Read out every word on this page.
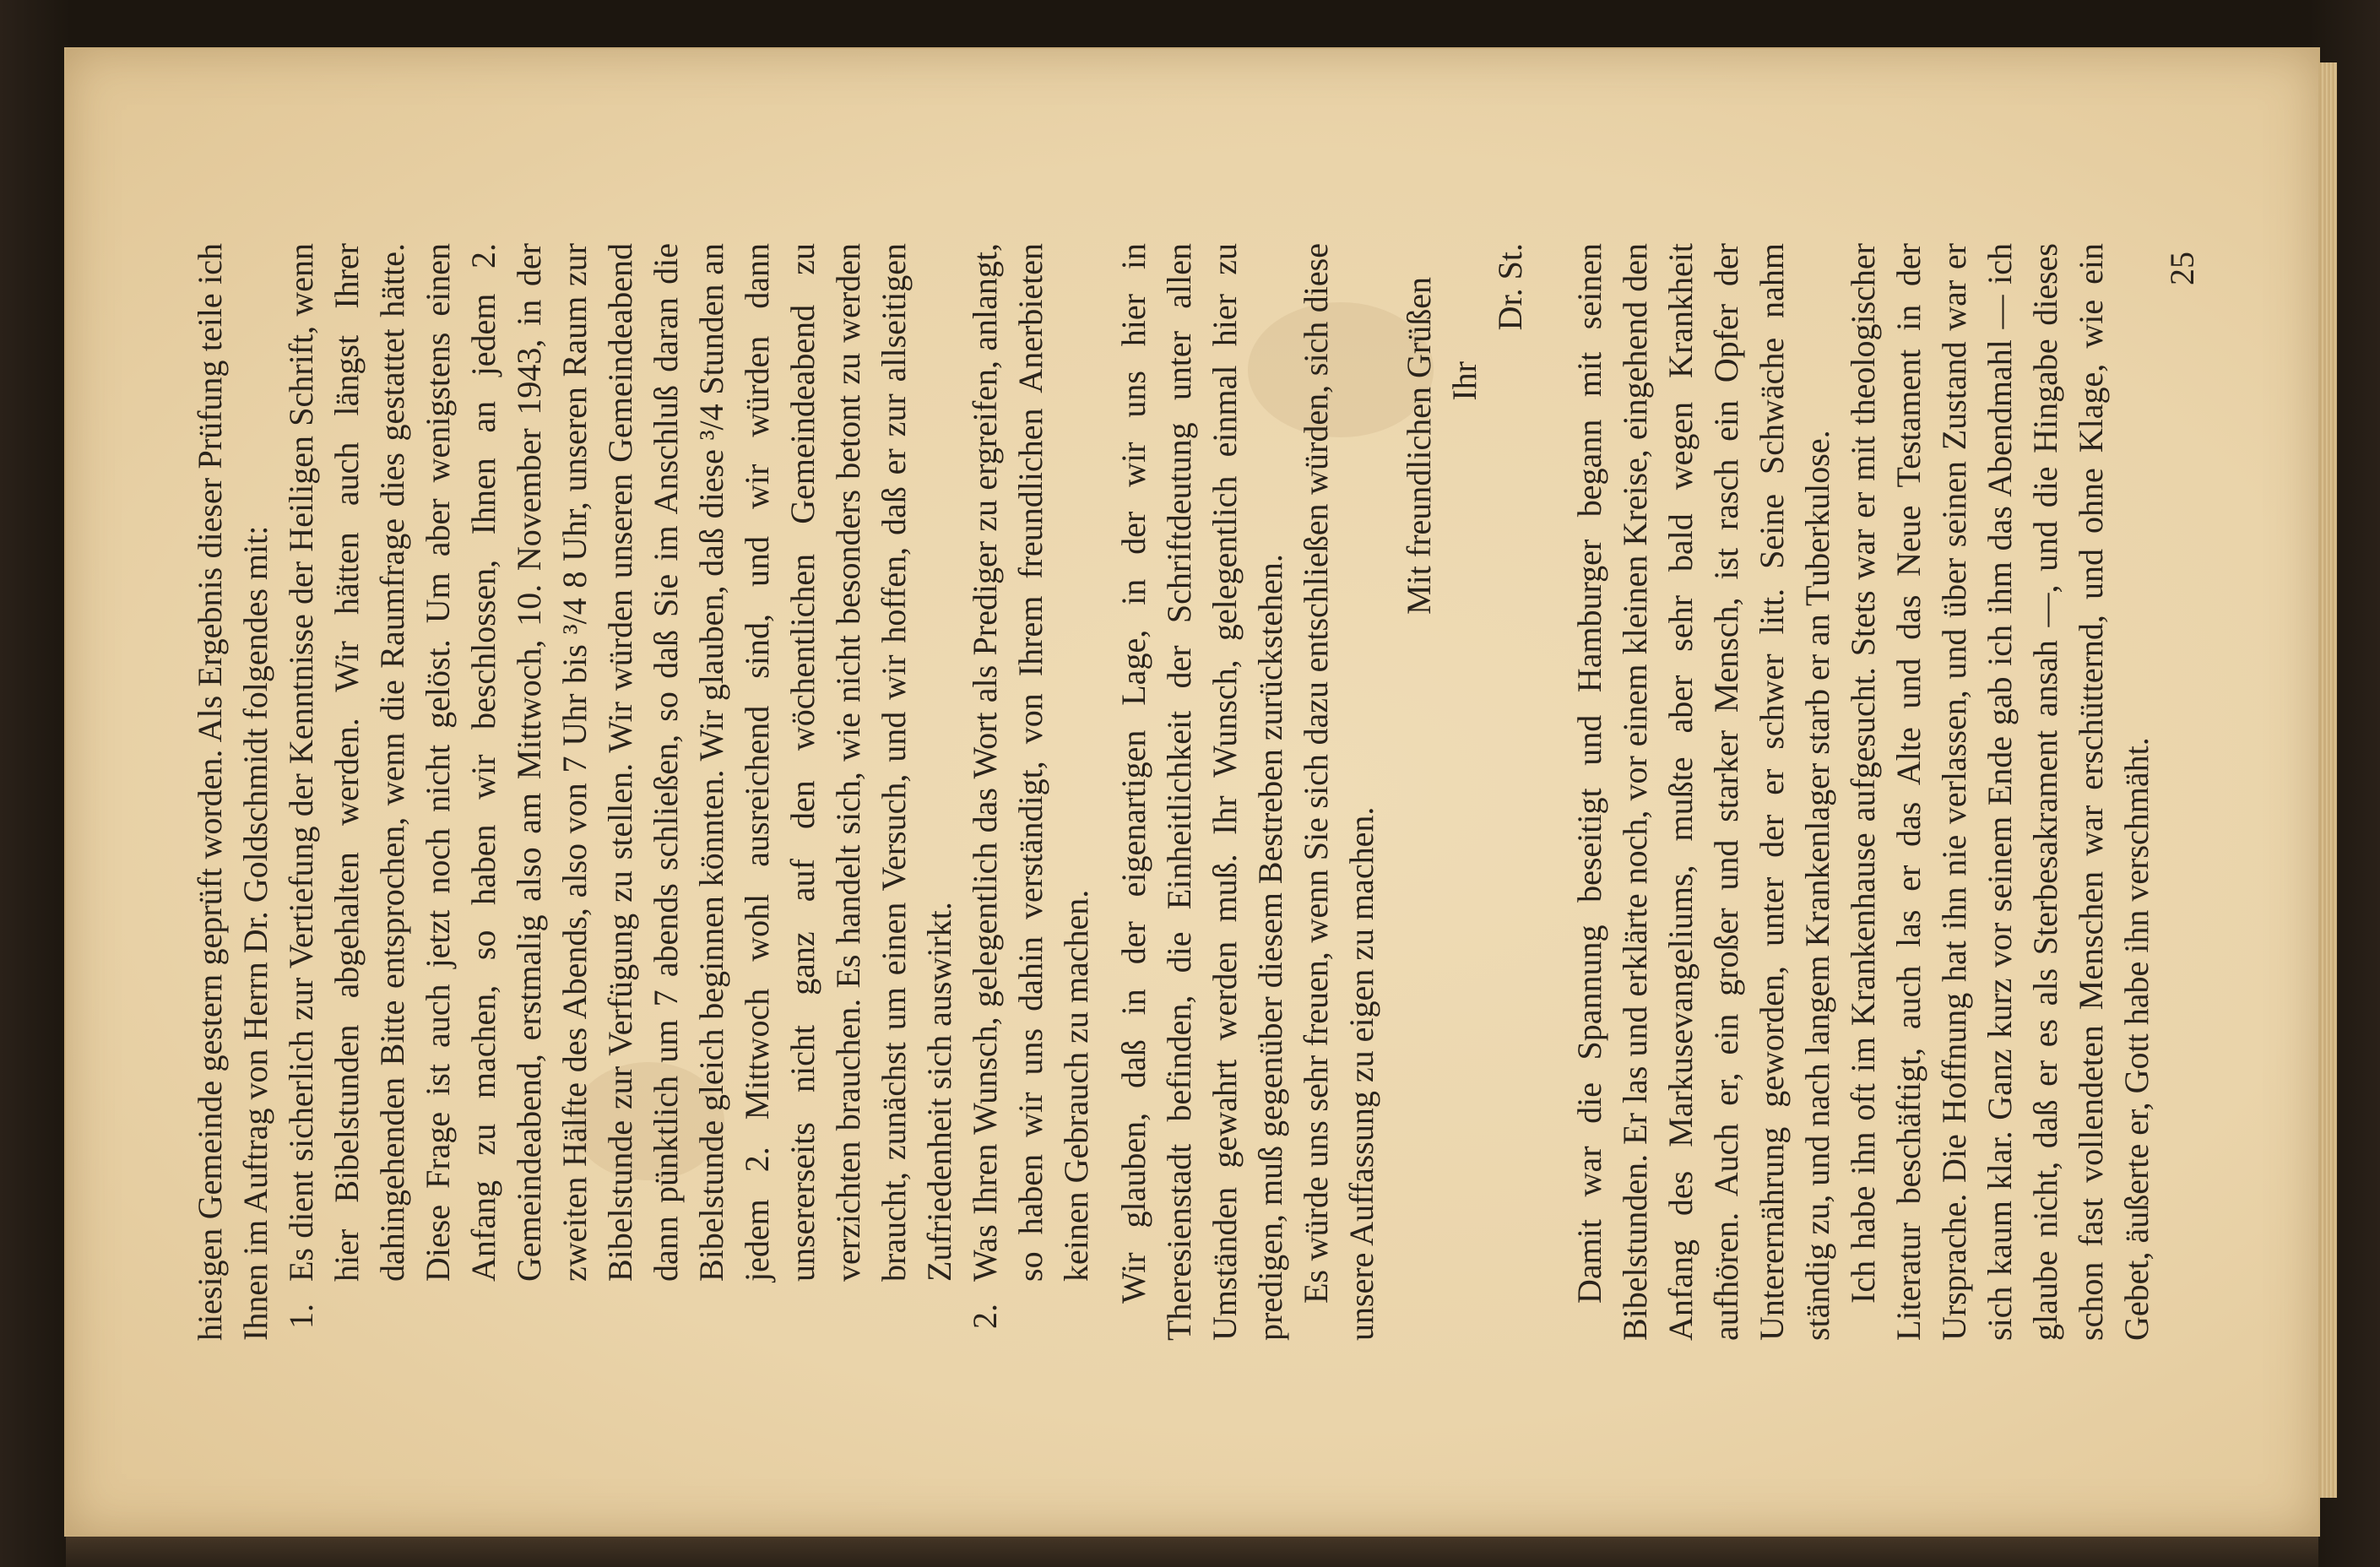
hiesigen Gemeinde gestern geprüft worden. Als Ergebnis dieser Prüfung teile ich Ihnen im Auftrag von Herrn Dr. Goldschmidt folgendes mit: 1.

Es dient sicherlich zur Vertiefung der Kenntnisse der Heiligen Schrift, wenn hier Bibelstunden abgehalten werden. Wir hätten auch längst Ihrer dahingehenden Bitte entsprochen, wenn die Raumfrage dies gestattet hätte. Diese Frage ist auch jetzt noch nicht gelöst. Um aber wenigstens einen Anfang zu machen, so haben wir beschlossen, Ihnen an jedem 2. Gemeindeabend, erstmalig also am Mittwoch, 10. November 1943, in der zweiten Hälfte des Abends, also von 7 Uhr bis ³/4 8 Uhr, unseren Raum zur Bibelstunde zur Verfügung zu stellen. Wir würden unseren Gemeindeabend dann pünktlich um 7 abends schließen, so daß Sie im Anschluß daran die Bibelstunde gleich beginnen könnten. Wir glauben, daß diese ³/4 Stunden an jedem 2. Mittwoch wohl ausreichend sind, und wir würden dann unsererseits nicht ganz auf den wöchentlichen Gemeindeabend zu verzichten brauchen. Es handelt sich, wie nicht besonders betont zu werden braucht, zunächst um einen Versuch, und wir hoffen, daß er zur allseitigen Zufriedenheit sich auswirkt.

2.

Was Ihren Wunsch, gelegentlich das Wort als Prediger zu ergreifen, anlangt, so haben wir uns dahin verständigt, von Ihrem freundlichen Anerbieten keinen Gebrauch zu machen. Wir glauben, daß in der eigenartigen Lage, in der wir uns hier in Theresienstadt befinden, die Einheitlichkeit der Schriftdeutung unter allen Umständen gewahrt werden muß. Ihr Wunsch, gelegentlich einmal hier zu predigen, muß gegenüber diesem Bestreben zurückstehen. Es würde uns sehr freuen, wenn Sie sich dazu entschließen würden, sich diese unsere Auffassung zu eigen zu machen.

Mit freundlichen Grüßen Ihr

Dr. St. Damit war die Spannung beseitigt und Hamburger begann mit seinen Bibelstunden. Er las und erklärte noch, vor einem kleinen Kreise, eingehend den Anfang des Markusevangeliums, mußte aber sehr bald wegen Krankheit aufhören. Auch er, ein großer und starker Mensch, ist rasch ein Opfer der Unterernährung geworden, unter der er schwer litt. Seine Schwäche nahm ständig zu, und nach langem Krankenlager starb er an Tuberkulose. Ich habe ihn oft im Krankenhause aufgesucht. Stets war er mit theologischer Literatur beschäftigt, auch las er das Alte und das Neue Testament in der Ursprache. Die Hoffnung hat ihn nie verlassen, und über seinen Zustand war er sich kaum klar. Ganz kurz vor seinem Ende gab ich ihm das Abendmahl — ich glaube nicht, daß er es als Sterbesakrament ansah —, und die Hingabe dieses schon fast vollendeten Menschen war erschütternd, und ohne Klage, wie ein Gebet, äußerte er, Gott habe ihn verschmäht.

25
